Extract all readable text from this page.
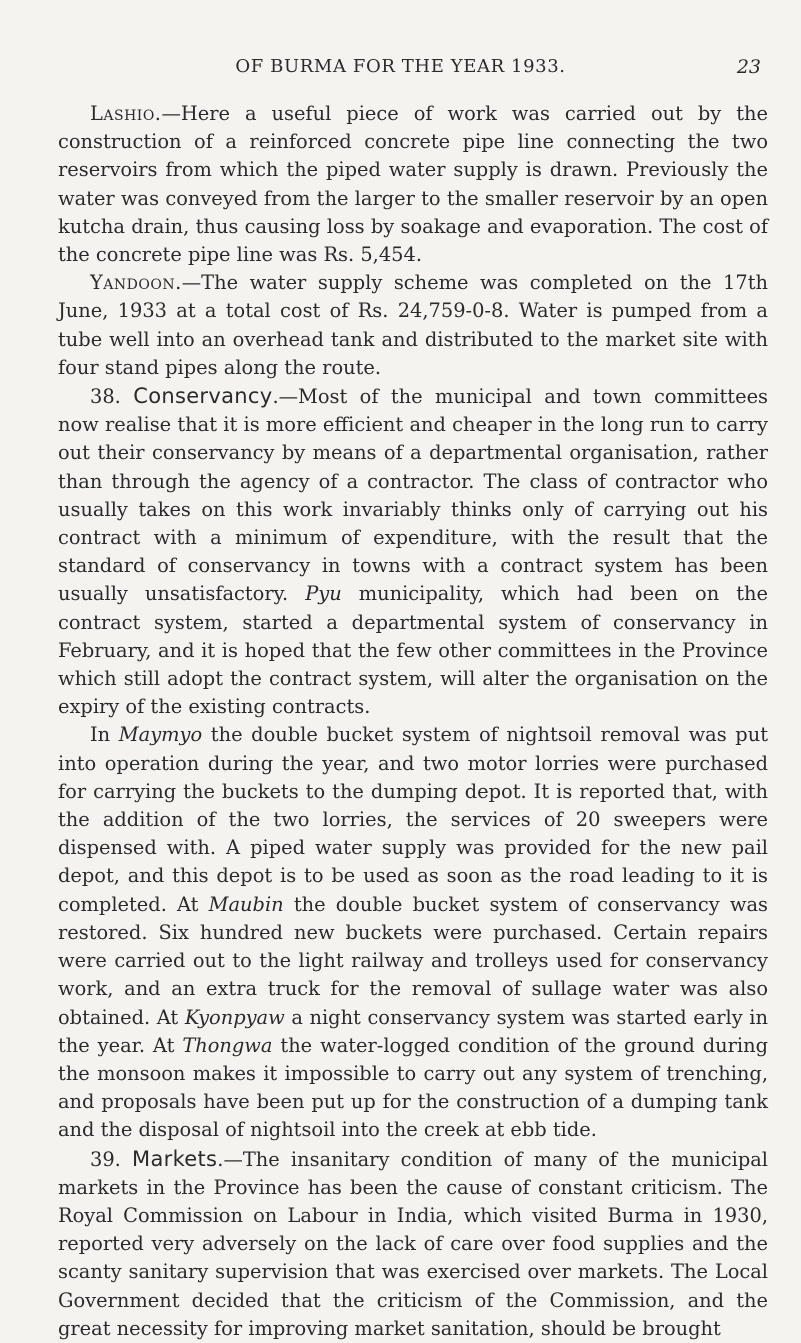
OF BURMA FOR THE YEAR 1933.	23

Lashio.—Here a useful piece of work was carried out by the construction of a reinforced concrete pipe line connecting the two reservoirs from which the piped water supply is drawn. Previously the water was conveyed from the larger to the smaller reservoir by an open kutcha drain, thus causing loss by soakage and evaporation. The cost of the concrete pipe line was Rs. 5,454.

Yandoon.—The water supply scheme was completed on the 17th June, 1933 at a total cost of Rs. 24,759-0-8. Water is pumped from a tube well into an overhead tank and distributed to the market site with four stand pipes along the route.

38. Conservancy.—Most of the municipal and town committees now realise that it is more efficient and cheaper in the long run to carry out their conservancy by means of a departmental organisation, rather than through the agency of a contractor. The class of contractor who usually takes on this work invariably thinks only of carrying out his contract with a minimum of expenditure, with the result that the standard of conservancy in towns with a contract system has been usually unsatisfactory. Pyu municipality, which had been on the contract system, started a departmental system of conservancy in February, and it is hoped that the few other committees in the Province which still adopt the contract system, will alter the organisation on the expiry of the existing contracts.

In Maymyo the double bucket system of nightsoil removal was put into operation during the year, and two motor lorries were purchased for carrying the buckets to the dumping depot. It is reported that, with the addition of the two lorries, the services of 20 sweepers were dispensed with. A piped water supply was provided for the new pail depot, and this depot is to be used as soon as the road leading to it is completed. At Maubin the double bucket system of conservancy was restored. Six hundred new buckets were purchased. Certain repairs were carried out to the light railway and trolleys used for conservancy work, and an extra truck for the removal of sullage water was also obtained. At Kyonpyaw a night conservancy system was started early in the year. At Thongwa the water-logged condition of the ground during the monsoon makes it impossible to carry out any system of trenching, and proposals have been put up for the construction of a dumping tank and the disposal of nightsoil into the creek at ebb tide.

39. Markets.—The insanitary condition of many of the municipal markets in the Province has been the cause of constant criticism. The Royal Commission on Labour in India, which visited Burma in 1930, reported very adversely on the lack of care over food supplies and the scanty sanitary supervision that was exercised over markets. The Local Government decided that the criticism of the Commission, and the great necessity for improving market sanitation, should be brought
